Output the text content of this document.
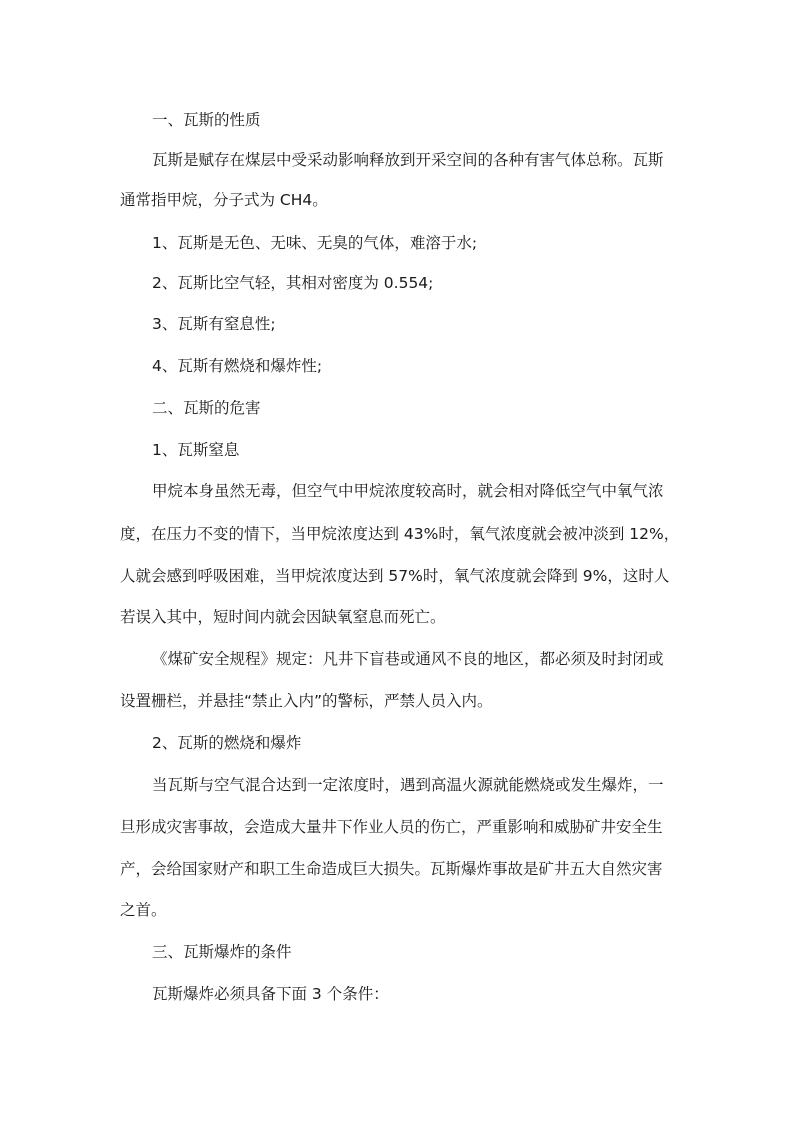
一、瓦斯的性质

瓦斯是赋存在煤层中受采动影响释放到开采空间的各种有害气体总称。瓦斯

通常指甲烷，分子式为 CH4。

1、瓦斯是无色、无味、无臭的气体，难溶于水;

2、瓦斯比空气轻，其相对密度为 0.554;

3、瓦斯有窒息性;

4、瓦斯有燃烧和爆炸性;

二、瓦斯的危害

1、瓦斯窒息

甲烷本身虽然无毒，但空气中甲烷浓度较高时，就会相对降低空气中氧气浓

度，在压力不变的情下，当甲烷浓度达到 43%时，氧气浓度就会被冲淡到 12%，

人就会感到呼吸困难，当甲烷浓度达到 57%时，氧气浓度就会降到 9%，这时人

若误入其中，短时间内就会因缺氧窒息而死亡。

《煤矿安全规程》规定：凡井下盲巷或通风不良的地区，都必须及时封闭或

设置栅栏，并悬挂“禁止入内”的警标，严禁人员入内。

2、瓦斯的燃烧和爆炸

当瓦斯与空气混合达到一定浓度时，遇到高温火源就能燃烧或发生爆炸，一

旦形成灾害事故，会造成大量井下作业人员的伤亡，严重影响和威胁矿井安全生

产，会给国家财产和职工生命造成巨大损失。瓦斯爆炸事故是矿井五大自然灾害

之首。

三、瓦斯爆炸的条件

瓦斯爆炸必须具备下面 3 个条件：
